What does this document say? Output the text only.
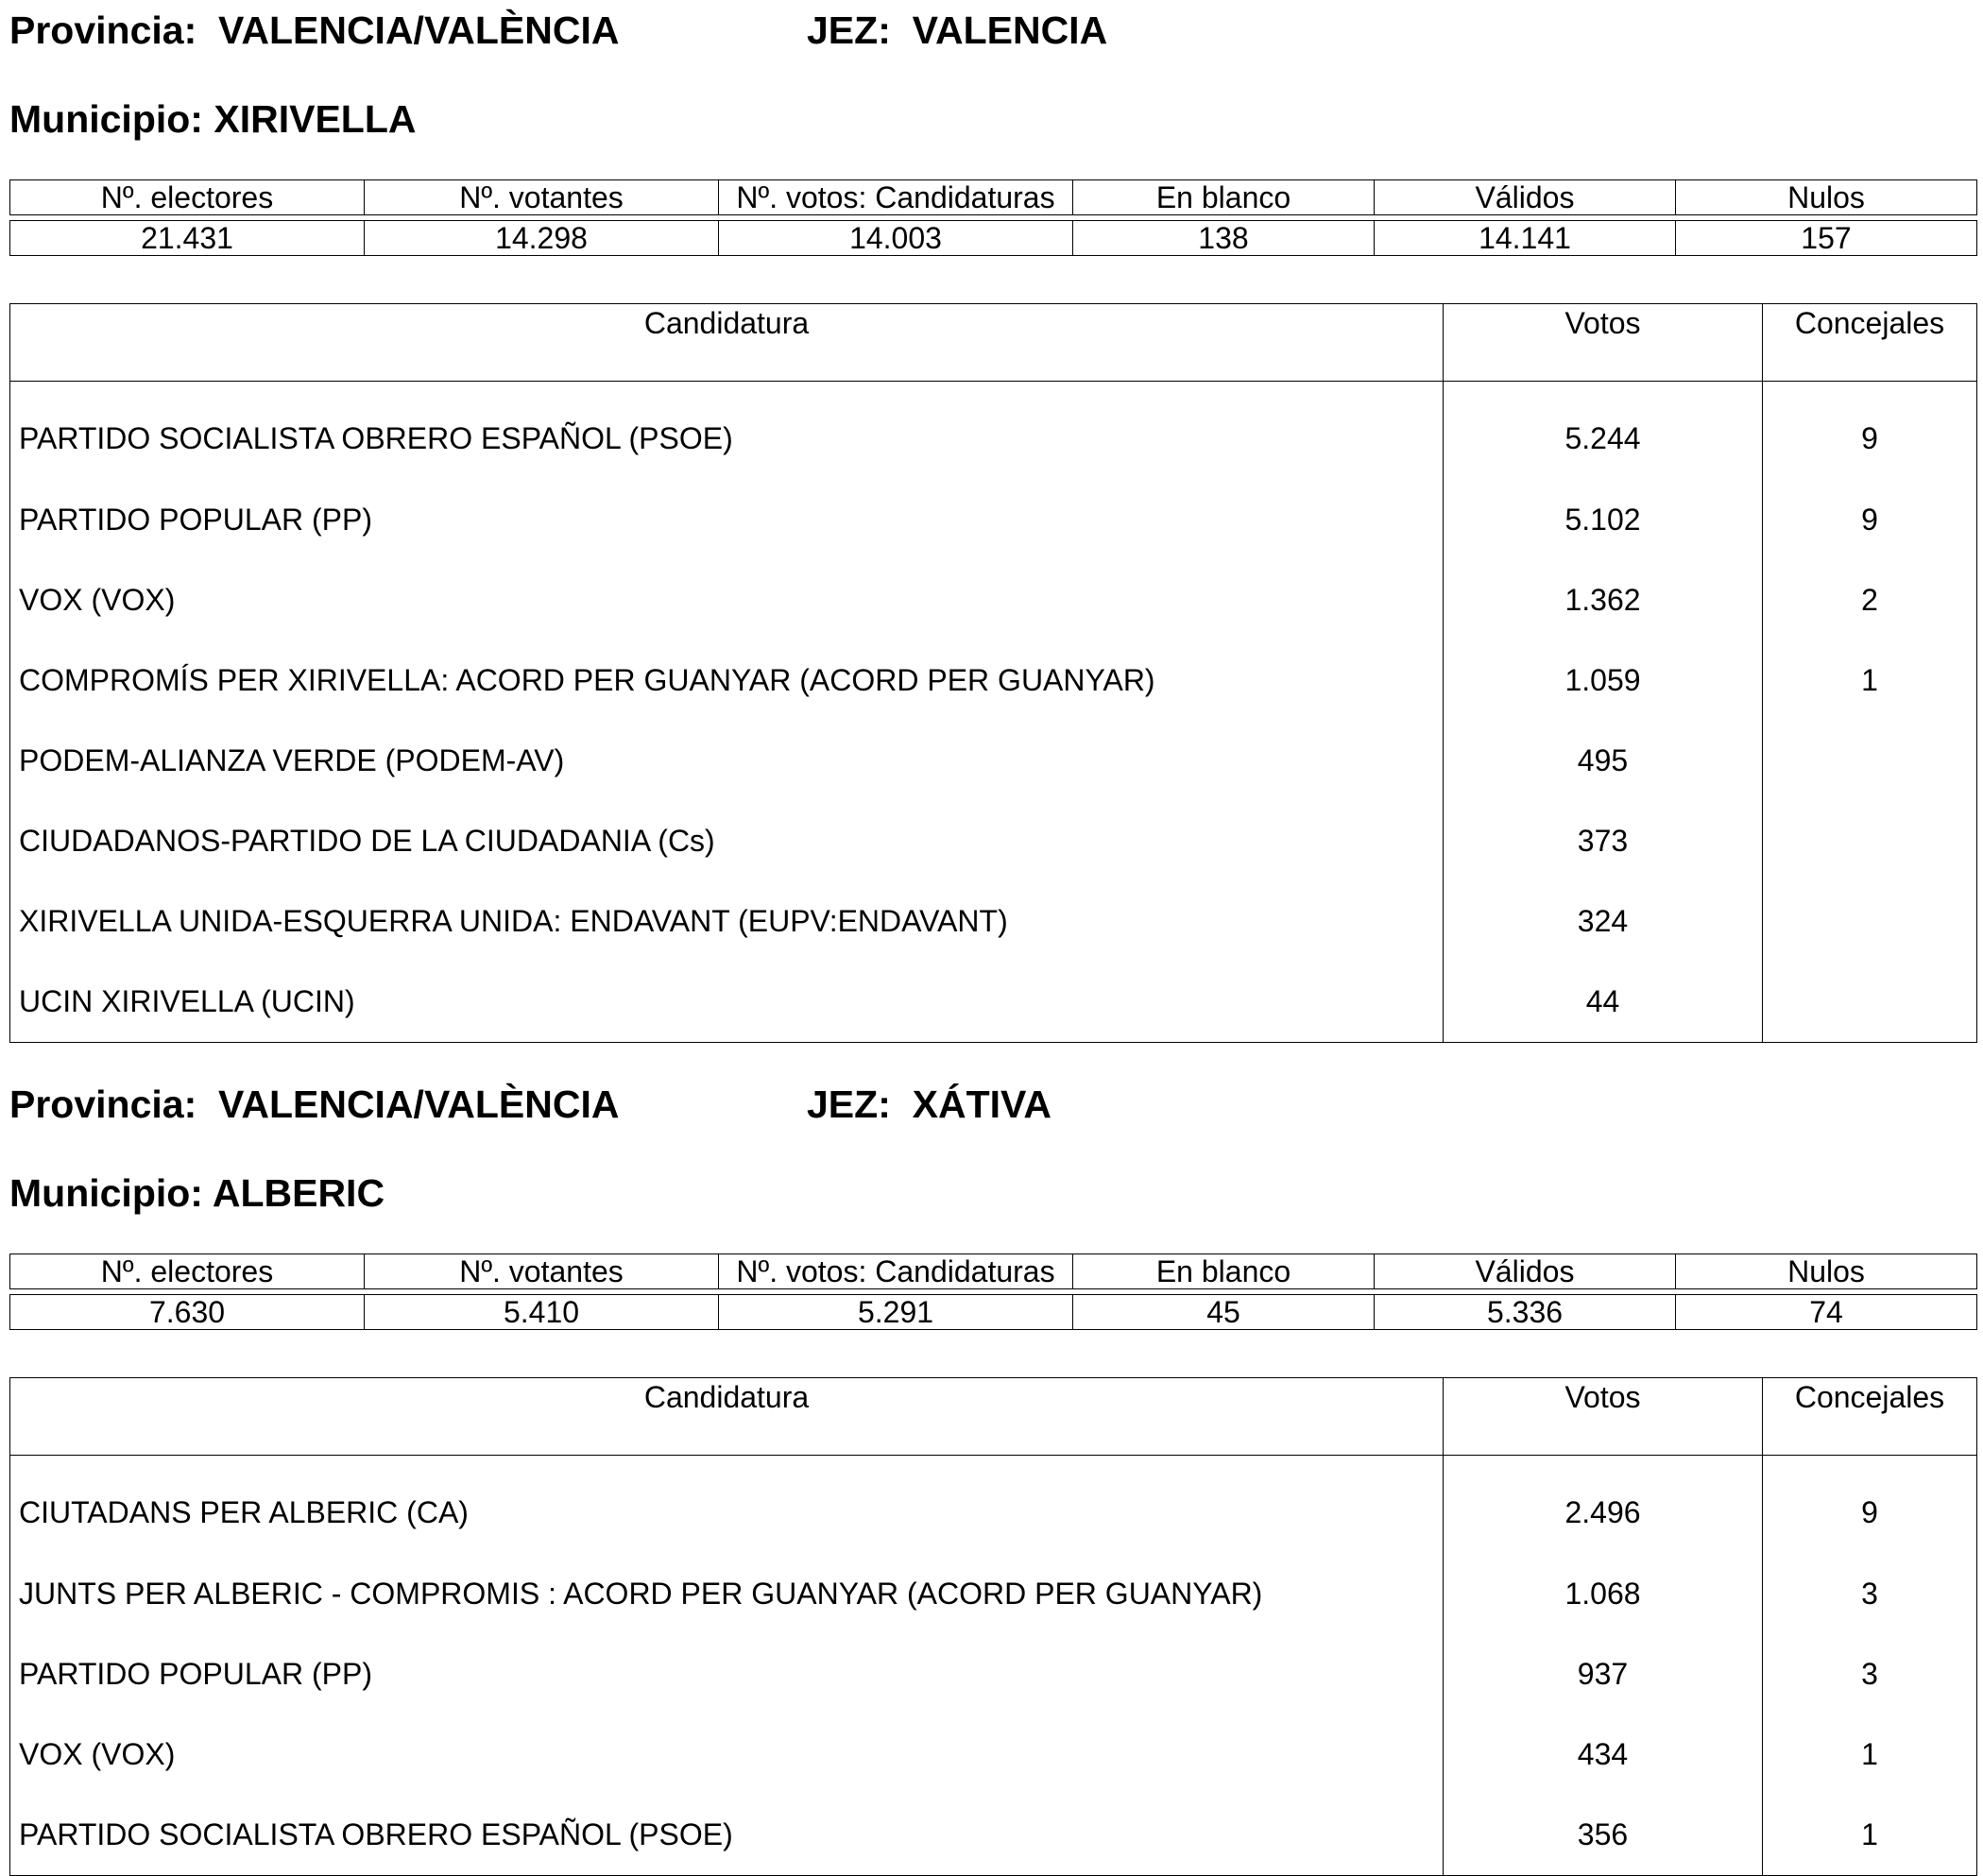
Provincia: VALENCIA/VALÈNCIA	JEZ: VALENCIA
Municipio: XIRIVELLA
Nº. electores	Nº. votantes	Nº. votos: Candidaturas	En blanco	Válidos	Nulos

21.431	14.298	14.003	138	14.141	157
Candidatura	Votos	Concejales
PARTIDO SOCIALISTA OBRERO ESPAÑOL (PSOE)	5.244	9
PARTIDO POPULAR (PP)	5.102	9
VOX (VOX)	1.362	2
COMPROMÍS PER XIRIVELLA: ACORD PER GUANYAR (ACORD PER GUANYAR)	1.059	1
PODEM-ALIANZA VERDE (PODEM-AV)	495	
CIUDADANOS-PARTIDO DE LA CIUDADANIA (Cs)	373	
XIRIVELLA UNIDA-ESQUERRA UNIDA: ENDAVANT (EUPV:ENDAVANT)	324	
UCIN XIRIVELLA (UCIN)	44	
Provincia: VALENCIA/VALÈNCIA	JEZ: XÁTIVA
Municipio: ALBERIC
Nº. electores	Nº. votantes	Nº. votos: Candidaturas	En blanco	Válidos	Nulos

7.630	5.410	5.291	45	5.336	74
Candidatura	Votos	Concejales
CIUTADANS PER ALBERIC (CA)	2.496	9
JUNTS PER ALBERIC - COMPROMIS : ACORD PER GUANYAR (ACORD PER GUANYAR)	1.068	3
PARTIDO POPULAR (PP)	937	3
VOX (VOX)	434	1
PARTIDO SOCIALISTA OBRERO ESPAÑOL (PSOE)	356	1
